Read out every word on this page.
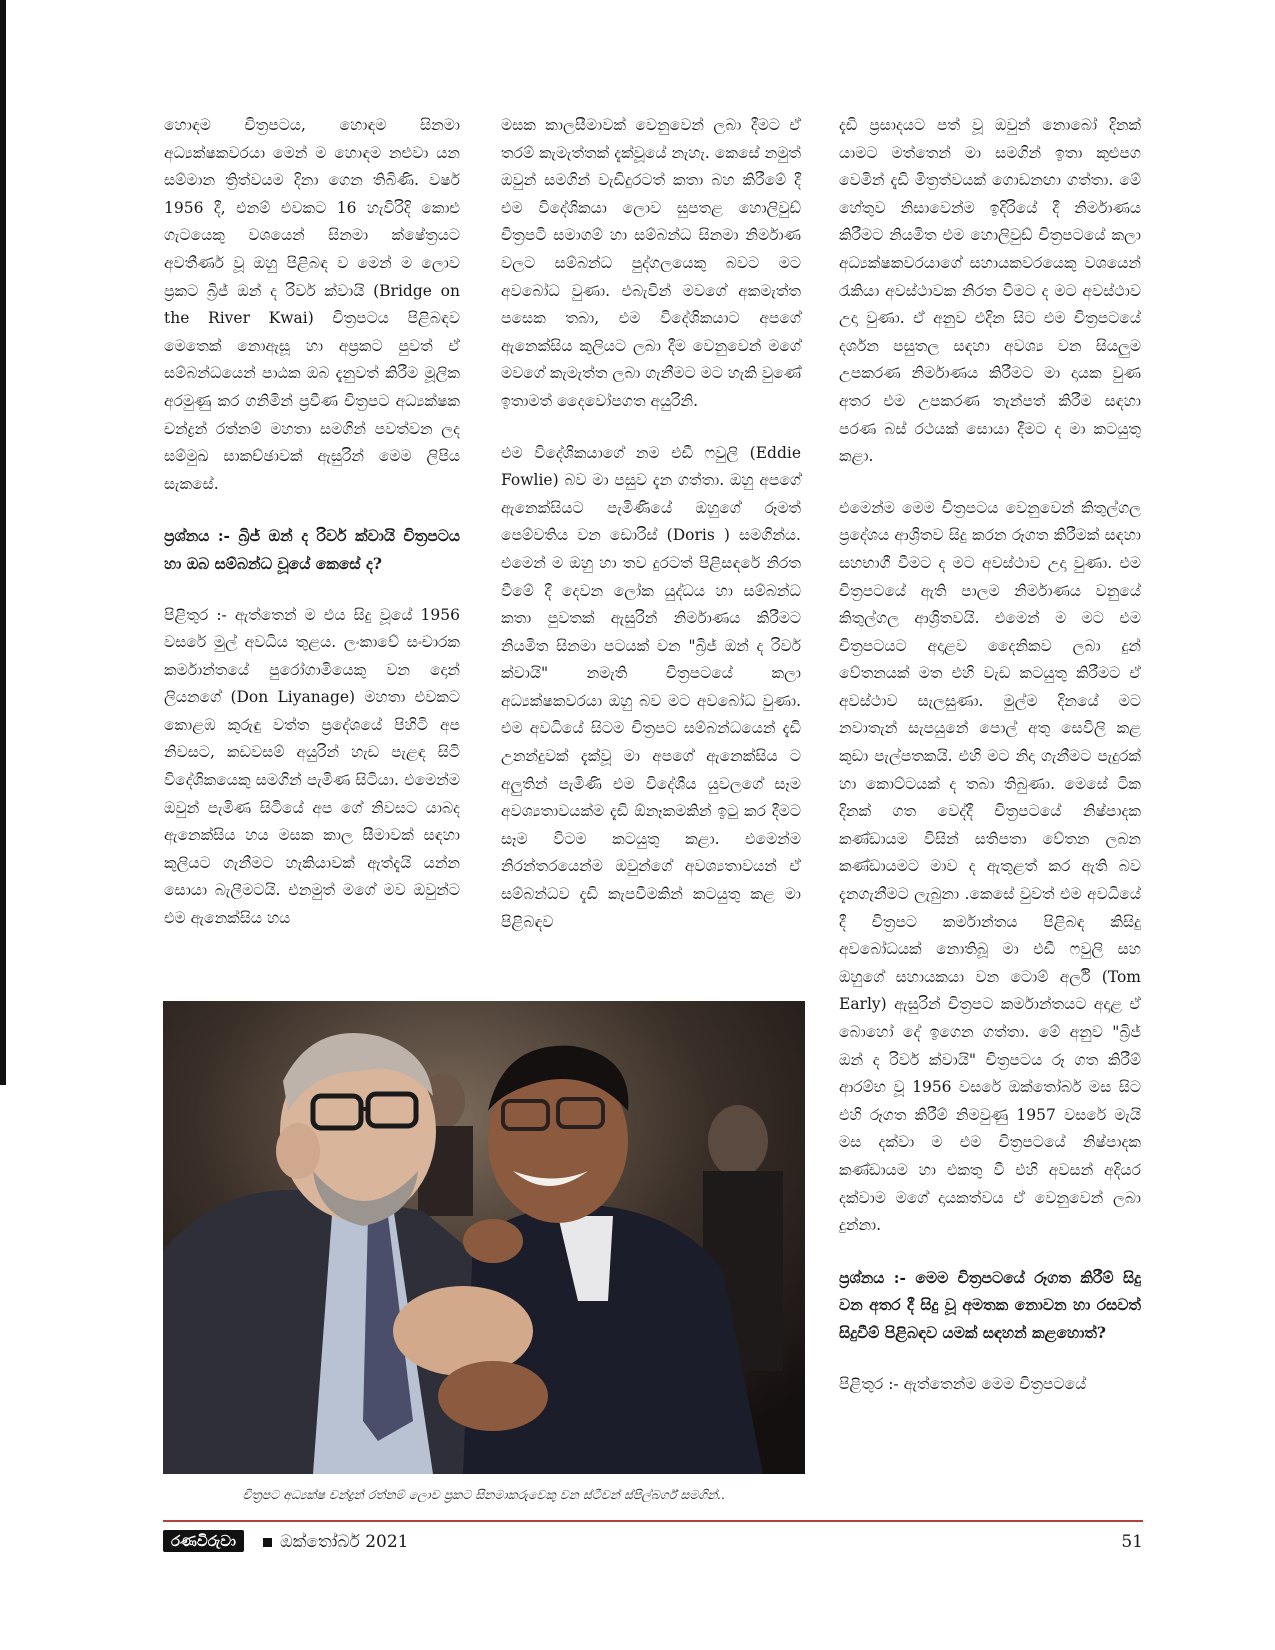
හොඳම චිත්‍රපටය, හොඳම සිනමා අධ්‍යක්ෂකවරයා මෙන් ම හොඳම නළුවා යන සම්මාන ත්‍රිත්වයම දිනා ගෙන තිබිණි. වර්ෂ 1956 දී, එනම් එවකට 16 හැවිරිදි කොළු ගැටයෙකු වශයෙන් සිනමා ක්ෂේත්‍රයට අවතීර්ණ වූ ඔහු පිළිබඳ ව මෙන් ම ලොව ප්‍රකට බ්‍රිජ් ඔන් ද රිවර් ක්වායි (Bridge on the River Kwai) චිත්‍රපටය පිළිබඳව මෙතෙක් නොඇසූ හා අප්‍රකට පුවත් ඒ සම්බන්ධයෙන් පාඨක ඔබ දැනුවත් කිරීම මූලික අරමුණු කර ගනිමින් ප්‍රවීණ චිත්‍රපට අධ්‍යක්ෂක චන්ද්‍රන් රත්නම් මහතා සමගින් පවත්වන ලද සම්මුඛ සාකච්ඡාවක් ඇසුරින් මෙම ලිපිය සැකසේ.

ප්‍රශ්නය :- බ්‍රිජ් ඔන් ද රිවර් ක්වායි චිත්‍රපටය හා ඔබ සම්බන්ධ වූයේ කෙසේ ද?

පිළිතුර :- ඇත්තෙන් ම එය සිදු වූයේ 1956 වසරේ මුල් අවධිය තුළය. ලංකාවේ සංචාරක කර්මාන්තයේ පුරෝගාමියෙකු වන දොන් ලියනගේ (Don Liyanage) මහතා එවකට කොළඹ කුරුඳු වත්ත ප්‍රදේශයේ පිහිටි අප නිවසට, කඩවසම් අයුරින් හැඩ පැළඳ සිටි විදේශිකයෙකු සමගින් පැමිණ සිටියා. එමෙන්ම ඔවුන් පැමිණ සිටියේ අප ගේ නිවසට යාබද ඇනෙක්සිය හය මසක කාල සීමාවක් සඳහා කුලියට ගැනීමට හැකියාවක් ඇත්දැයි යන්න සොයා බැලීමටයි. එනමුත් මගේ මව ඔවුන්ට එම ඇනෙක්සිය හය

මසක කාලසීමාවක් වෙනුවෙන් ලබා දීමට ඒ තරම් කැමැත්තක් දැක්වූයේ නැහැ. කෙසේ නමුත් ඔවුන් සමගින් වැඩිදුරටත් කතා බහ කිරීමේ දී එම විදේශිකයා ලොව සුපතළ හොලිවුඩ් චිත්‍රපටි සමාගම් හා සම්බන්ධ සිනමා නිර්මාණ වලට සම්බන්ධ පුද්ගලයෙකු බවට මට අවබෝධ වුණා. එබැවින් මවගේ අකමැත්ත පසෙක තබා, එම විදේශිකයාට අපගේ ඇනෙක්සිය කුලියට ලබා දීම වෙනුවෙන් මගේ මවගේ කැමැත්ත ලබා ගැනීමට මට හැකි වුණේ ඉතාමත් දෛවෝපගත අයුරිනි.

එම විදේශිකයාගේ නම එඩී ෆවුලි (Eddie Fowlie) බව මා පසුව දැන ගත්තා. ඔහු අපගේ ඇනෙක්සියට පැමිණියේ ඔහුගේ රූමත් පෙම්වතිය වන ඩොරිස් (Doris ) සමගින්ය. එමෙන් ම ඔහු හා තව දුරටත් පිළිසඳරේ නිරත වීමේ දී දෙවන ලෝක යුද්ධය හා සම්බන්ධ කතා පුවතක් ඇසුරින් නිර්මාණය කිරීමට නියමිත සිනමා පටයක් වන "බ්‍රිජ් ඔන් ද රිවර් ක්වායි" නමැති චිත්‍රපටයේ කලා අධ්‍යක්ෂකවරයා ඔහු බව මට අවබෝධ වුණා. එම අවධියේ සිටම චිත්‍රපට සම්බන්ධයෙන් දැඩි උනන්දුවක් දැක්වූ මා අපගේ ඇනෙක්සිය ට අලුතින් පැමිණි එම විදේශීය යුවලගේ සෑම අවශ්‍යතාවයක්ම දැඩි ඕනෑකමකින් ඉටු කර දීමට සෑම විටම කටයුතු කළා. එමෙන්ම නිරන්තරයෙන්ම ඔවුන්ගේ අවශ්‍යතාවයන් ඒ සම්බන්ධව දැඩි කැපවීමකින් කටයුතු කළ මා පිළිබඳව

දැඩි ප්‍රසාදයට පත් වූ ඔවුන් නොබෝ දිනක් යාමට මත්තෙන් මා සමගින් ඉතා කුළුපග වෙමින් දැඩි මිත්‍රත්වයක් ගොඩනඟා ගත්තා. මේ හේතුව නිසාවෙන්ම ඉදිරියේ දී නිර්මාණය කිරීමට නියමිත එම හොලිවුඩ් චිත්‍රපටයේ කලා අධ්‍යක්ෂකවරයාගේ සහායකවරයෙකු වශයෙන් රැකියා අවස්ථාවක නිරත වීමට ද මට අවස්ථාව උදා වුණා. ඒ අනුව එදින සිට එම චිත්‍රපටයේ දර්ශන පසුතල සඳහා අවශ්‍ය වන සියලුම උපකරණ නිර්මාණය කිරීමට මා දායක වුණ අතර එම උපකරණ තැන්පත් කිරීම සඳහා පරණ බස් රථයක් සොයා දීමට ද මා කටයුතු කළා.

එමෙන්ම මෙම චිත්‍රපටය වෙනුවෙන් කිතුල්ගල ප්‍රදේශය ආශ්‍රිතව සිදු කරන රූගත කිරීමක් සඳහා සහභාගී වීමට ද මට අවස්ථාව උදා වුණා. එම චිත්‍රපටයේ ඇති පාලම නිර්මාණය වනුයේ කිතුල්ගල ආශ්‍රිතවයි. එමෙන් ම මට එම චිත්‍රපටයට අදාළව දෛනිකව ලබා දුන් වේතනයක් මත එහි වැඩ කටයුතු කිරීමට ඒ අවස්ථාව සැලසුණා. මුල්ම දිනයේ මට නවාතැන් සැපයුනේ පොල් අතු සෙවිලි කළ කුඩා පැල්පතකයි. එහි මට නිදා ගැනීමට පැදුරක් හා කොට්ටයක් ද තබා තිබුණා. මෙසේ ටික දිනක් ගත වෙද්දී චිත්‍රපටයේ නිෂ්පාදක කණ්ඩායම විසින් සතිපතා වේතන ලබන කණ්ඩායමට මාව ද ඇතුළත් කර ඇති බව දැනගැනීමට ලැබුනා .කෙසේ වුවත් එම අවධියේ දී චිත්‍රපට කර්මාන්තය පිළිබඳ කිසිදු අවබෝධයක් නොතිබූ මා එඩී ෆවුලි සහ ඔහුගේ සහායකයා වන ටොම් අර්ලි (Tom Early) ඇසුරින් චිත්‍රපට කර්මාන්තයට අදාළ ඒ බොහෝ දේ ඉගෙන ගත්තා. මේ අනුව "බ්‍රිජ් ඔන් ද රිවර් ක්වායි" චිත්‍රපටය රූ ගත කිරීම් ආරම්භ වූ 1956 වසරේ ඔක්තෝබර් මස සිට එහි රූගත කිරීම් නිමවුණු 1957 වසරේ මැයි මස දක්වා ම එම චිත්‍රපටයේ නිෂ්පාදක කණ්ඩායම හා එකතු වී එහි අවසන් අදියර දක්වාම මගේ දායකත්වය ඒ වෙනුවෙන් ලබා දුන්නා.

ප්‍රශ්නය :- මෙම චිත්‍රපටයේ රූගත කිරීම් සිදු වන අතර දී සිදු වූ අමතක නොවන හා රසවත් සිදුවීම් පිළිබඳව යමක් සඳහන් කළහොත්?

පිළිතුර :- ඇත්තෙන්ම මෙම චිත්‍රපටයේ

චිත්‍රපට අධ්‍යක්ෂ චන්ද්‍රන් රත්නම් ලොව ප්‍රකට සිනමාකරුවෙකු වන ස්ටීවන් ස්පිල්බර්ග් සමගින්..
රණවිරුවා	ඔක්තෝබර් 2021	51
